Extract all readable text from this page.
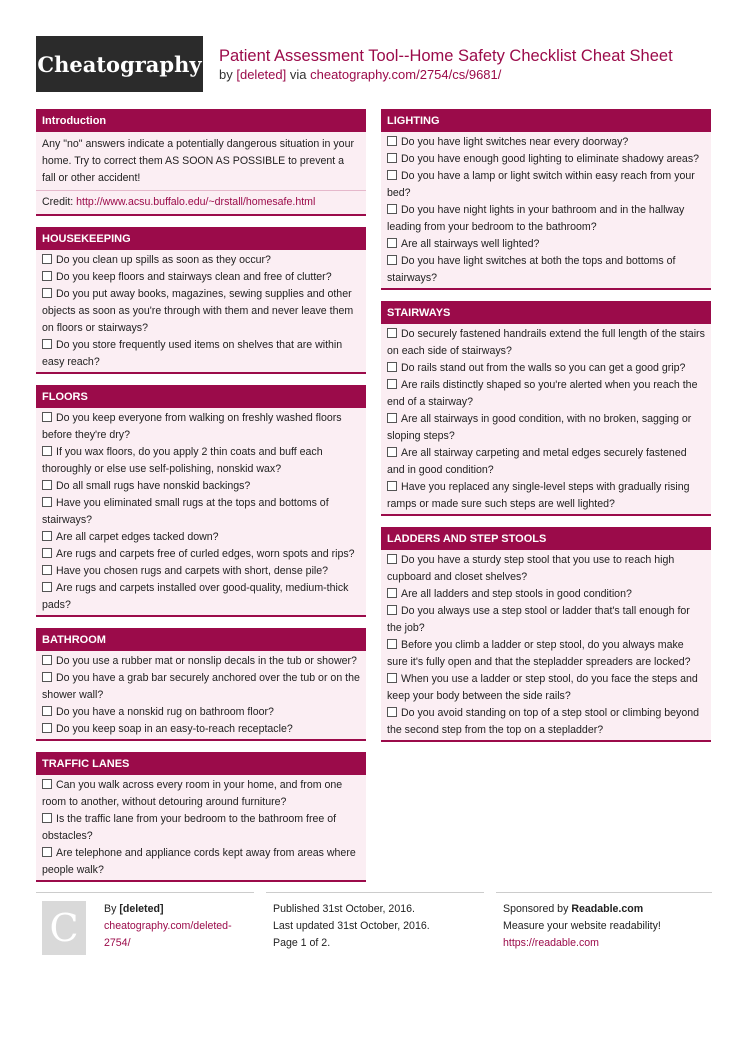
Cheatography Patient Assessment Tool--Home Safety Checklist Cheat Sheet
by [deleted] via cheatography.com/2754/cs/9681/
Introduction
Any "no" answers indicate a potentially dangerous situation in your home. Try to correct them AS SOON AS POSSIBLE to prevent a fall or other accident!
Credit: http://www.acsu.buffalo.edu/~drstall/homesafe.html
HOUSEKEEPING
Do you clean up spills as soon as they occur?
Do you keep floors and stairways clean and free of clutter?
Do you put away books, magazines, sewing supplies and other objects as soon as you're through with them and never leave them on floors or stairways?
Do you store frequently used items on shelves that are within easy reach?
FLOORS
Do you keep everyone from walking on freshly washed floors before they're dry?
If you wax floors, do you apply 2 thin coats and buff each thoroughly or else use self-polishing, nonskid wax?
Do all small rugs have nonskid backings?
Have you eliminated small rugs at the tops and bottoms of stairways?
Are all carpet edges tacked down?
Are rugs and carpets free of curled edges, worn spots and rips?
Have you chosen rugs and carpets with short, dense pile?
Are rugs and carpets installed over good-quality, medium-thick pads?
BATHROOM
Do you use a rubber mat or nonslip decals in the tub or shower?
Do you have a grab bar securely anchored over the tub or on the shower wall?
Do you have a nonskid rug on bathroom floor?
Do you keep soap in an easy-to-reach receptacle?
TRAFFIC LANES
Can you walk across every room in your home, and from one room to another, without detouring around furniture?
Is the traffic lane from your bedroom to the bathroom free of obstacles?
Are telephone and appliance cords kept away from areas where people walk?
LIGHTING
Do you have light switches near every doorway?
Do you have enough good lighting to eliminate shadowy areas?
Do you have a lamp or light switch within easy reach from your bed?
Do you have night lights in your bathroom and in the hallway leading from your bedroom to the bathroom?
Are all stairways well lighted?
Do you have light switches at both the tops and bottoms of stairways?
STAIRWAYS
Do securely fastened handrails extend the full length of the stairs on each side of stairways?
Do rails stand out from the walls so you can get a good grip?
Are rails distinctly shaped so you're alerted when you reach the end of a stairway?
Are all stairways in good condition, with no broken, sagging or sloping steps?
Are all stairway carpeting and metal edges securely fastened and in good condition?
Have you replaced any single-level steps with gradually rising ramps or made sure such steps are well lighted?
LADDERS AND STEP STOOLS
Do you have a sturdy step stool that you use to reach high cupboard and closet shelves?
Are all ladders and step stools in good condition?
Do you always use a step stool or ladder that's tall enough for the job?
Before you climb a ladder or step stool, do you always make sure it's fully open and that the stepladder spreaders are locked?
When you use a ladder or step stool, do you face the steps and keep your body between the side rails?
Do you avoid standing on top of a step stool or climbing beyond the second step from the top on a stepladder?
C	By [deleted]
cheatography.com/deleted-2754/
Published 31st October, 2016.
Last updated 31st October, 2016.
Page 1 of 2.
Sponsored by Readable.com
Measure your website readability!
https://readable.com
